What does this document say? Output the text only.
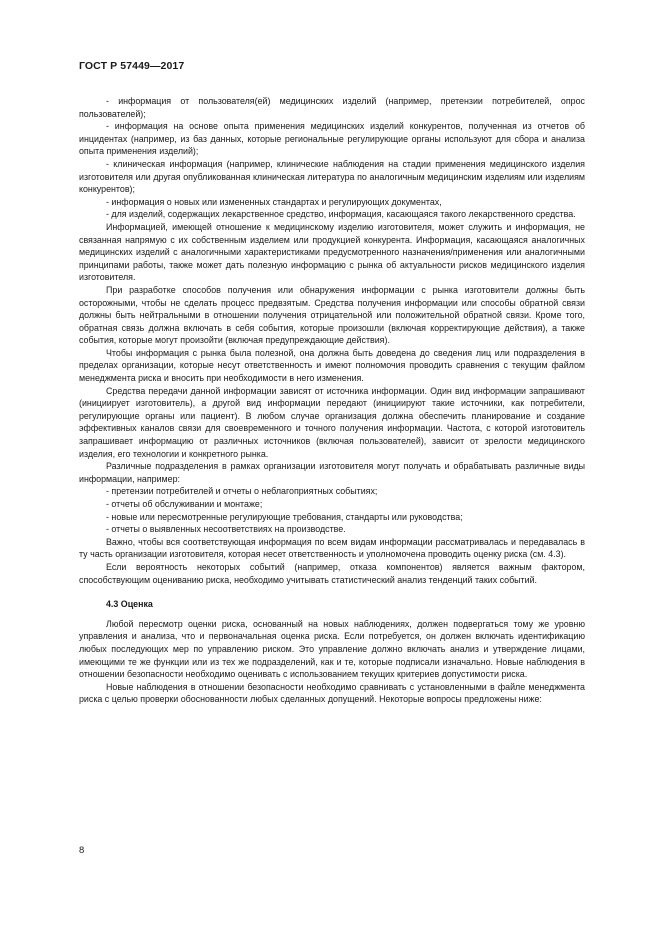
ГОСТ Р 57449—2017

- информация от пользователя(ей) медицинских изделий (например, претензии потребителей, опрос пользователей);

- информация на основе опыта применения медицинских изделий конкурентов, полученная из отчетов об инцидентах (например, из баз данных, которые региональные регулирующие органы используют для сбора и анализа опыта применения изделий);

- клиническая информация (например, клинические наблюдения на стадии применения медицинского изделия изготовителя или другая опубликованная клиническая литература по аналогичным медицинским изделиям или изделиям конкурентов);

- информация о новых или измененных стандартах и регулирующих документах,

- для изделий, содержащих лекарственное средство, информация, касающаяся такого лекарственного средства.

Информацией, имеющей отношение к медицинскому изделию изготовителя, может служить и информация, не связанная напрямую с их собственным изделием или продукцией конкурента. Информация, касающаяся аналогичных медицинских изделий с аналогичными характеристиками предусмотренного назначения/применения или аналогичными принципами работы, также может дать полезную информацию с рынка об актуальности рисков медицинского изделия изготовителя.

При разработке способов получения или обнаружения информации с рынка изготовители должны быть осторожными, чтобы не сделать процесс предвзятым. Средства получения информации или способы обратной связи должны быть нейтральными в отношении получения отрицательной или положительной обратной связи. Кроме того, обратная связь должна включать в себя события, которые произошли (включая корректирующие действия), а также события, которые могут произойти (включая предупреждающие действия).

Чтобы информация с рынка была полезной, она должна быть доведена до сведения лиц или подразделения в пределах организации, которые несут ответственность и имеют полномочия проводить сравнения с текущим файлом менеджмента риска и вносить при необходимости в него изменения.

Средства передачи данной информации зависят от источника информации. Один вид информации запрашивают (инициирует изготовитель), а другой вид информации передают (инициируют такие источники, как потребители, регулирующие органы или пациент). В любом случае организация должна обеспечить планирование и создание эффективных каналов связи для своевременного и точного получения информации. Частота, с которой изготовитель запрашивает информацию от различных источников (включая пользователей), зависит от зрелости медицинского изделия, его технологии и конкретного рынка.

Различные подразделения в рамках организации изготовителя могут получать и обрабатывать различные виды информации, например:

- претензии потребителей и отчеты о неблагоприятных событиях;

- отчеты об обслуживании и монтаже;

- новые или пересмотренные регулирующие требования, стандарты или руководства;

- отчеты о выявленных несоответствиях на производстве.

Важно, чтобы вся соответствующая информация по всем видам информации рассматривалась и передавалась в ту часть организации изготовителя, которая несет ответственность и уполномочена проводить оценку риска (см. 4.3).

Если вероятность некоторых событий (например, отказа компонентов) является важным фактором, способствующим оцениванию риска, необходимо учитывать статистический анализ тенденций таких событий.

4.3 Оценка

Любой пересмотр оценки риска, основанный на новых наблюдениях, должен подвергаться тому же уровню управления и анализа, что и первоначальная оценка риска. Если потребуется, он должен включать идентификацию любых последующих мер по управлению риском. Это управление должно включать анализ и утверждение лицами, имеющими те же функции или из тех же подразделений, как и те, которые подписали изначально. Новые наблюдения в отношении безопасности необходимо оценивать с использованием текущих критериев допустимости риска.

Новые наблюдения в отношении безопасности необходимо сравнивать с установленными в файле менеджмента риска с целью проверки обоснованности любых сделанных допущений. Некоторые вопросы предложены ниже:

8
